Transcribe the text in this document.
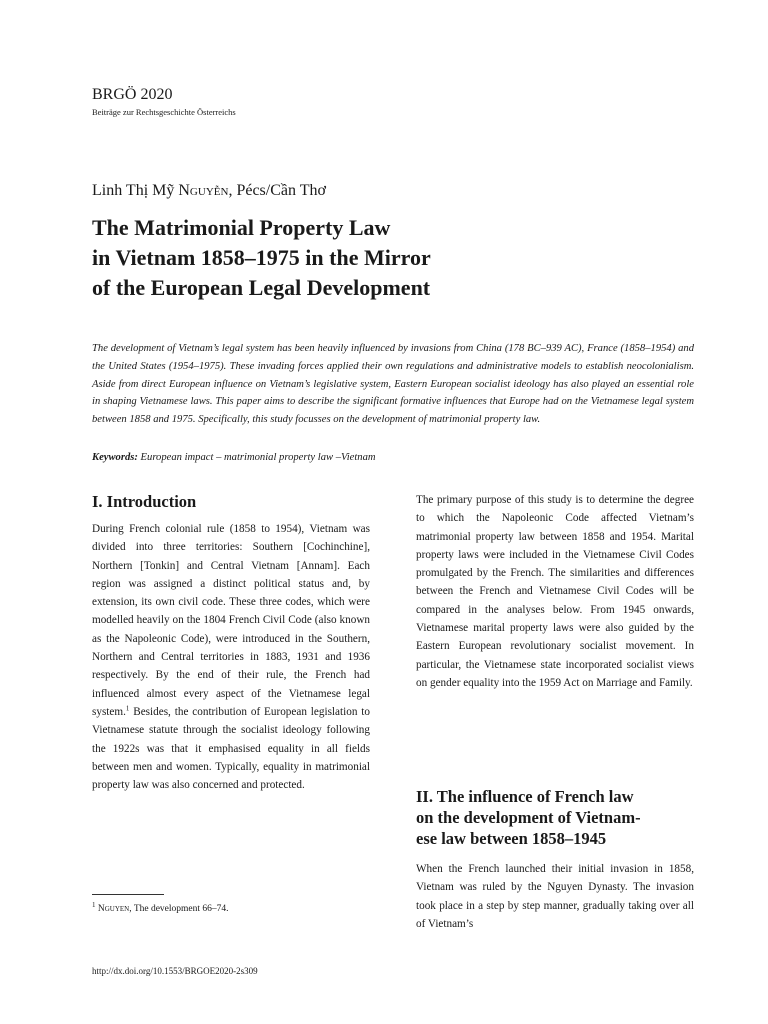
BRGÖ 2020
Beiträge zur Rechtsgeschichte Österreichs
Linh Thị Mỹ Nguyễn, Pécs/Cần Thơ
The Matrimonial Property Law
in Vietnam 1858–1975 in the Mirror
of the European Legal Development

The development of Vietnam’s legal system has been heavily influenced by invasions from China (178 BC–939 AC), France (1858–1954) and the United States (1954–1975). These invading forces applied their own regulations and administrative models to establish neocolonialism. Aside from direct European influence on Vietnam’s legislative system, Eastern European socialist ideology has also played an essential role in shaping Vietnamese laws. This paper aims to describe the significant formative influences that Europe had on the Vietnamese legal system between 1858 and 1975. Specifically, this study focusses on the development of matrimonial property law.

Keywords: European impact – matrimonial property law –Vietnam
I. Introduction

During French colonial rule (1858 to 1954), Vietnam was divided into three territories: Southern [Cochinchine], Northern [Tonkin] and Central Vietnam [Annam]. Each region was assigned a distinct political status and, by extension, its own civil code. These three codes, which were modelled heavily on the 1804 French Civil Code (also known as the Napoleonic Code), were introduced in the Southern, Northern and Central territories in 1883, 1931 and 1936 respectively. By the end of their rule, the French had influenced almost every aspect of the Vietnamese legal system.$^1$ Besides, the contribution of European legislation to Vietnamese statute through the socialist ideology following the 1922s was that it emphasised equality in all fields between men and women. Typically, equality in matrimonial property law was also concerned and protected.

The primary purpose of this study is to determine the degree to which the Napoleonic Code affected Vietnam’s matrimonial property law between 1858 and 1954. Marital property laws were included in the Vietnamese Civil Codes promulgated by the French. The similarities and differences between the French and Vietnamese Civil Codes will be compared in the analyses below. From 1945 onwards, Vietnamese marital property laws were also guided by the Eastern European revolutionary socialist movement. In particular, the Vietnamese state incorporated socialist views on gender equality into the 1959 Act on Marriage and Family.

II. The influence of French law
on the development of Vietnam-
ese law between 1858–1945

When the French launched their initial invasion in 1858, Vietnam was ruled by the Nguyen Dynasty. The invasion took place in a step by step manner, gradually taking over all of Vietnam’s

$^1$ Nguyen, The development 66–74.
http://dx.doi.org/10.1553/BRGOE2020-2s309
